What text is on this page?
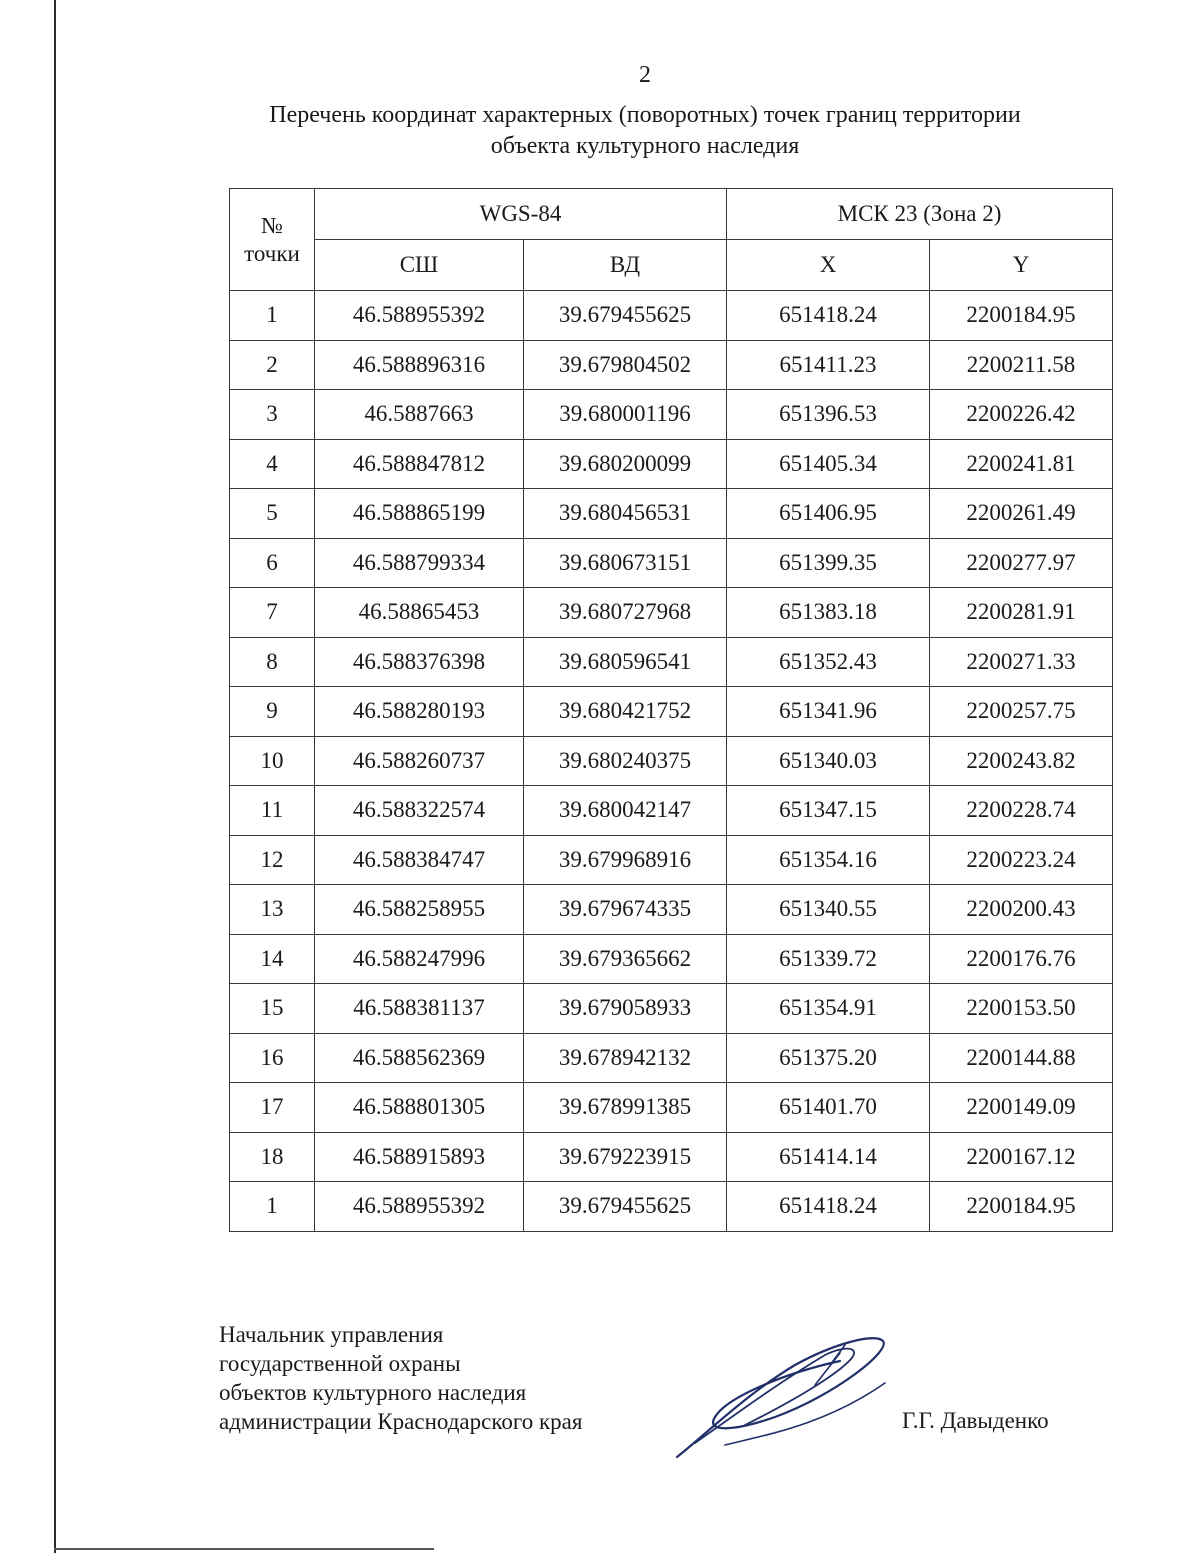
2
Перечень координат характерных (поворотных) точек границ территории
объекта культурного наследия
№
точки	WGS-84		МСК 23 (Зона 2)	
	СШ	ВД	X	Y
1	46.588955392	39.679455625	651418.24	2200184.95
2	46.588896316	39.679804502	651411.23	2200211.58
3	46.5887663	39.680001196	651396.53	2200226.42
4	46.588847812	39.680200099	651405.34	2200241.81
5	46.588865199	39.680456531	651406.95	2200261.49
6	46.588799334	39.680673151	651399.35	2200277.97
7	46.58865453	39.680727968	651383.18	2200281.91
8	46.588376398	39.680596541	651352.43	2200271.33
9	46.588280193	39.680421752	651341.96	2200257.75
10	46.588260737	39.680240375	651340.03	2200243.82
11	46.588322574	39.680042147	651347.15	2200228.74
12	46.588384747	39.679968916	651354.16	2200223.24
13	46.588258955	39.679674335	651340.55	2200200.43
14	46.588247996	39.679365662	651339.72	2200176.76
15	46.588381137	39.679058933	651354.91	2200153.50
16	46.588562369	39.678942132	651375.20	2200144.88
17	46.588801305	39.678991385	651401.70	2200149.09
18	46.588915893	39.679223915	651414.14	2200167.12
1	46.588955392	39.679455625	651418.24	2200184.95
Начальник управления
государственной охраны
объектов культурного наследия
администрации Краснодарского края	Г.Г. Давыденко
